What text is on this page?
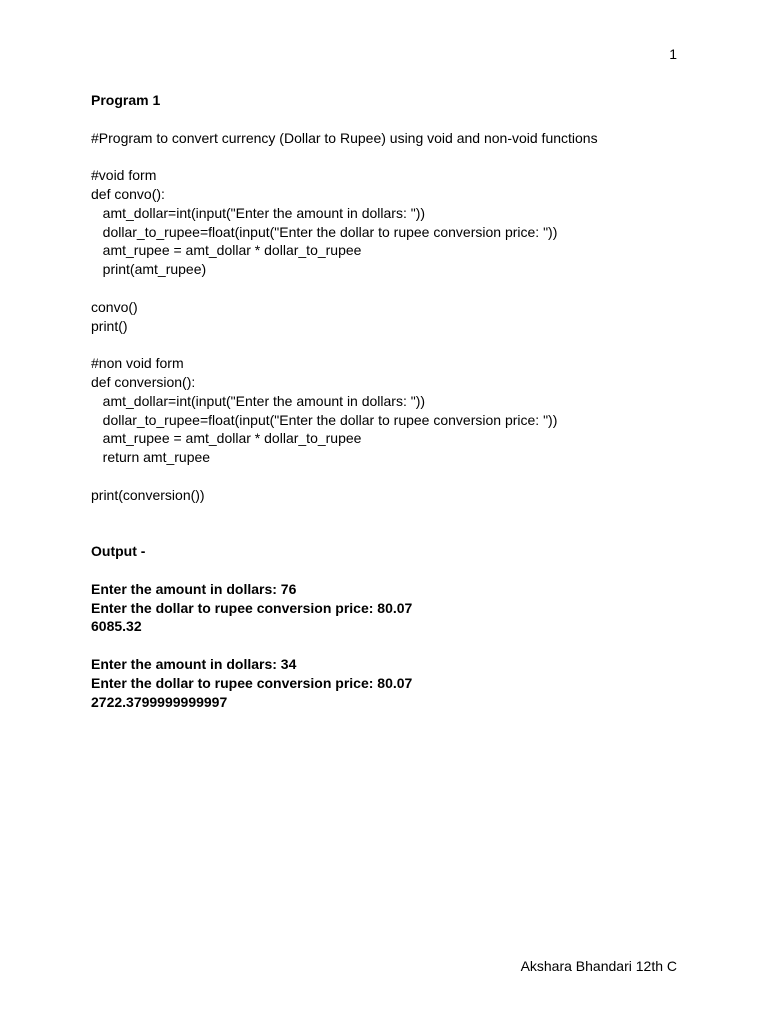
1
Program 1
#Program to convert currency (Dollar to Rupee) using void and non-void functions
#void form
def convo():
amt_dollar=int(input("Enter the amount in dollars: "))
dollar_to_rupee=float(input("Enter the dollar to rupee conversion price: "))
amt_rupee = amt_dollar * dollar_to_rupee
print(amt_rupee)
convo()
print()
#non void form
def conversion():
amt_dollar=int(input("Enter the amount in dollars: "))
dollar_to_rupee=float(input("Enter the dollar to rupee conversion price: "))
amt_rupee = amt_dollar * dollar_to_rupee
return amt_rupee
print(conversion())
Output -
Enter the amount in dollars: 76
Enter the dollar to rupee conversion price: 80.07
6085.32
Enter the amount in dollars: 34
Enter the dollar to rupee conversion price: 80.07
2722.3799999999997
Akshara Bhandari 12th C
